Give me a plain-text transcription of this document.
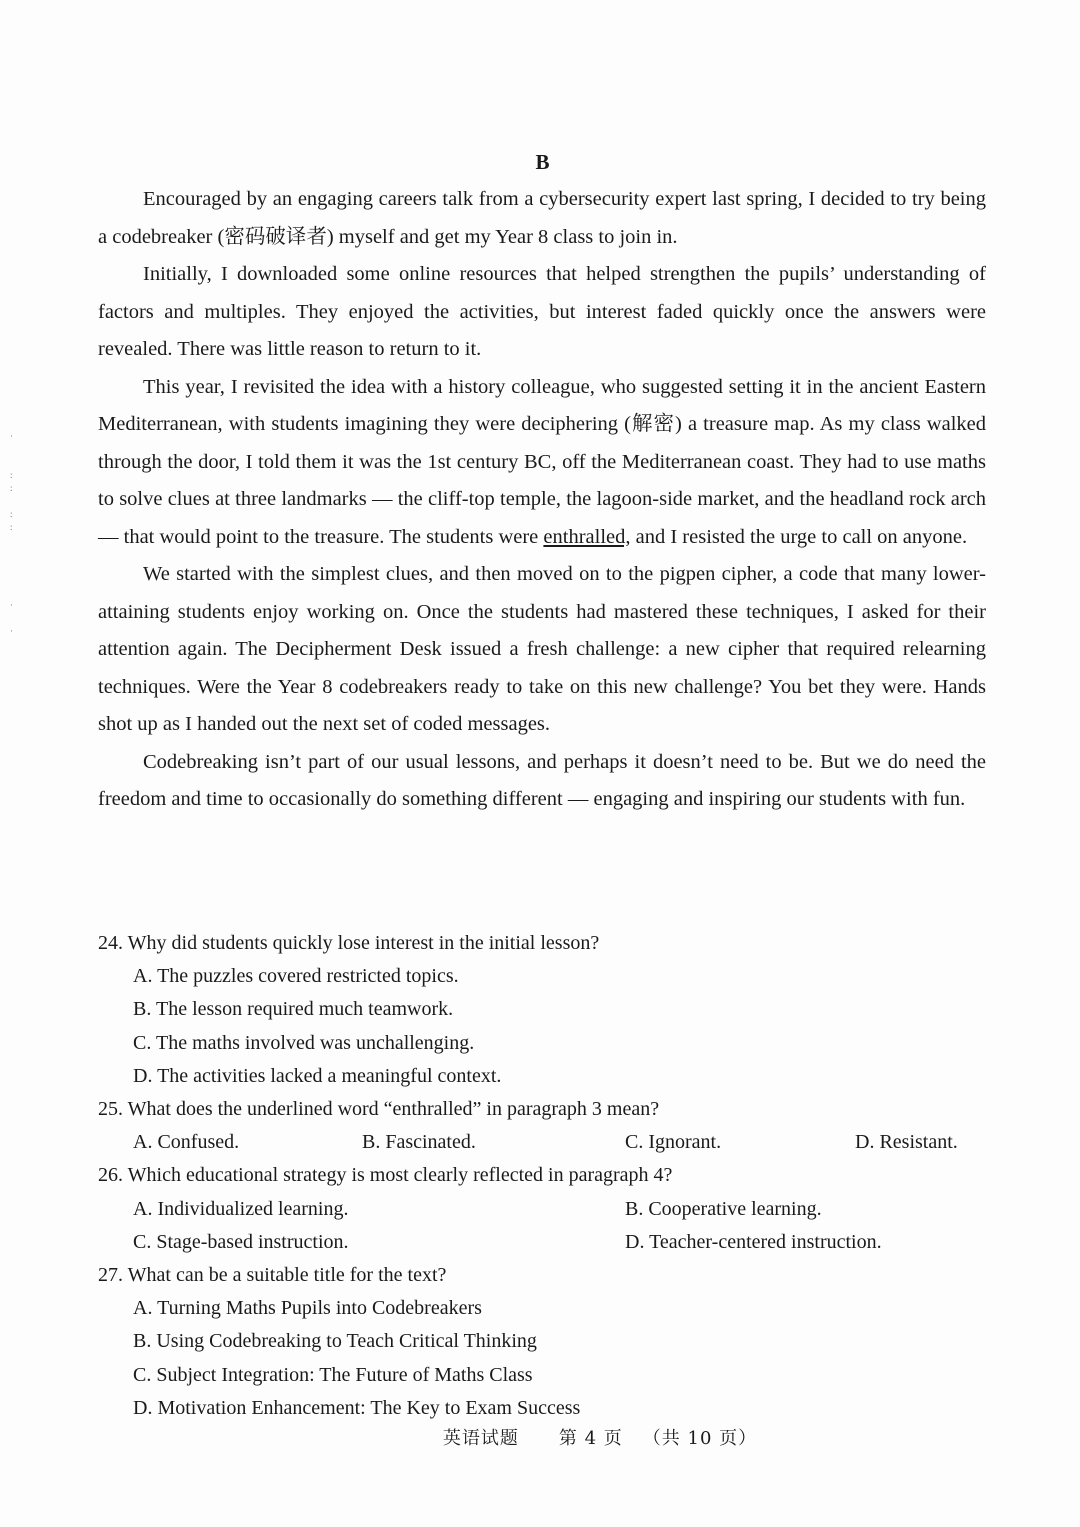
·

:
:

:
:

·

·
B

Encouraged by an engaging careers talk from a cybersecurity expert last spring, I decided to try being a codebreaker (密码破译者) myself and get my Year 8 class to join in.

Initially, I downloaded some online resources that helped strengthen the pupils’ understanding of factors and multiples. They enjoyed the activities, but interest faded quickly once the answers were revealed. There was little reason to return to it.

This year, I revisited the idea with a history colleague, who suggested setting it in the ancient Eastern Mediterranean, with students imagining they were deciphering (解密) a treasure map. As my class walked through the door, I told them it was the 1st century BC, off the Mediterranean coast. They had to use maths to solve clues at three landmarks — the cliff-top temple, the lagoon-side market, and the headland rock arch — that would point to the treasure. The students were enthralled, and I resisted the urge to call on anyone.

We started with the simplest clues, and then moved on to the pigpen cipher, a code that many lower-attaining students enjoy working on. Once the students had mastered these techniques, I asked for their attention again. The Decipherment Desk issued a fresh challenge: a new cipher that required relearning techniques. Were the Year 8 codebreakers ready to take on this new challenge? You bet they were. Hands shot up as I handed out the next set of coded messages.

Codebreaking isn’t part of our usual lessons, and perhaps it doesn’t need to be. But we do need the freedom and time to occasionally do something different — engaging and inspiring our students with fun.

24. Why did students quickly lose interest in the initial lesson?

A. The puzzles covered restricted topics.
B. The lesson required much teamwork.
C. The maths involved was unchallenging.
D. The activities lacked a meaningful context.

25. What does the underlined word “enthralled” in paragraph 3 mean?

A. Confused.	B. Fascinated.	C. Ignorant.	D. Resistant.

26. Which educational strategy is most clearly reflected in paragraph 4?

A. Individualized learning.	B. Cooperative learning.
C. Stage-based instruction.	D. Teacher-centered instruction.

27. What can be a suitable title for the text?

A. Turning Maths Pupils into Codebreakers
B. Using Codebreaking to Teach Critical Thinking
C. Subject Integration: The Future of Maths Class
D. Motivation Enhancement: The Key to Exam Success
英语试题 第 4 页 （共 10 页）
